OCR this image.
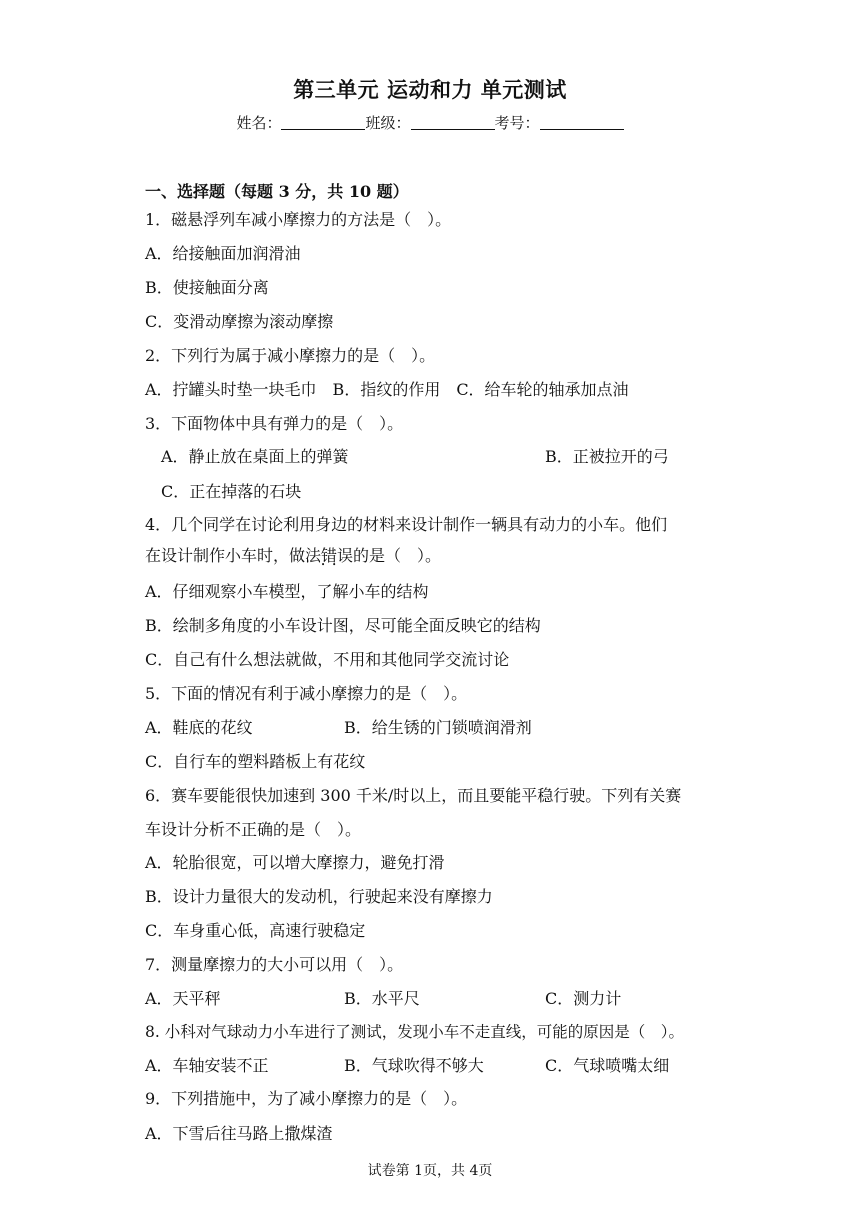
第三单元 运动和力 单元测试
姓名：	班级：	考号：
一、选择题（每题 3 分，共 10 题）
1．磁悬浮列车减小摩擦力的方法是（　）。
A．给接触面加润滑油
B．使接触面分离
C．变滑动摩擦为滚动摩擦
2．下列行为属于减小摩擦力的是（　）。
A．拧罐头时垫一块毛巾　B．指纹的作用　C．给车轮的轴承加点油
3．下面物体中具有弹力的是（　）。
A．静止放在桌面上的弹簧	B．正被拉开的弓
C．正在掉落的石块
4．几个同学在讨论利用身边的材料来设计制作一辆具有动力的小车。他们
在设计制作小车时，做法错误 ••的是（　）。
A．仔细观察小车模型，了解小车的结构
B．绘制多角度的小车设计图，尽可能全面反映它的结构
C．自己有什么想法就做，不用和其他同学交流讨论
5．下面的情况有利于减小摩擦力的是（　）。
A．鞋底的花纹	B．给生锈的门锁喷润滑剂
C．自行车的塑料踏板上有花纹
6．赛车要能很快加速到 300 千米/时以上，而且要能平稳行驶。下列有关赛
车设计分析不正确的是（　）。
A．轮胎很宽，可以增大摩擦力，避免打滑
B．设计力量很大的发动机，行驶起来没有摩擦力
C．车身重心低，高速行驶稳定
7．测量摩擦力的大小可以用（　）。
A．天平秤	B．水平尺	C．测力计
8. 小科对气球动力小车进行了测试，发现小车不走直线，可能的原因是（　）。
A．车轴安装不正	B．气球吹得不够大	C．气球喷嘴太细
9．下列措施中，为了减小摩擦力的是（　）。
A．下雪后往马路上撒煤渣
试卷第 1页，共 4页
